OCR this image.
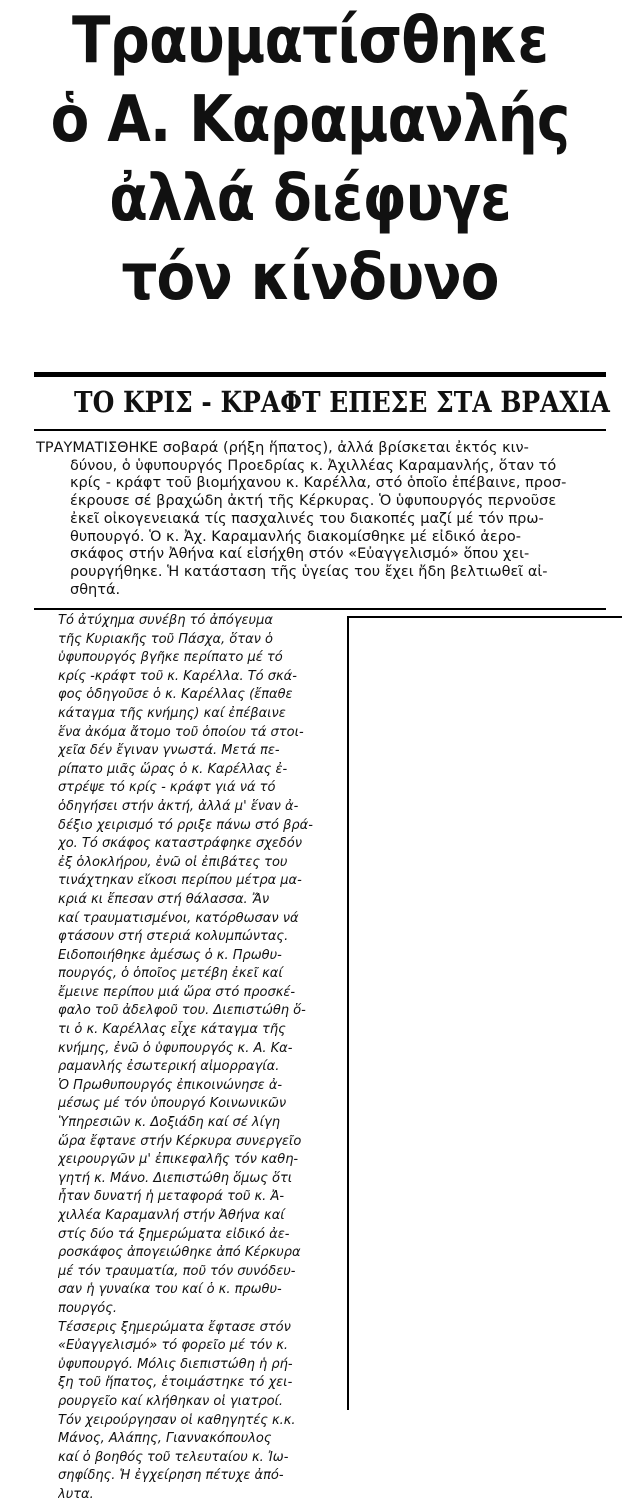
Τραυματίσθηκε
ὁ Α. Καραμανλής
ἀλλά διέφυγε
τόν κίνδυνο
ΤΟ ΚΡΙΣ - ΚΡΑΦΤ ΕΠΕΣΕ ΣΤΑ ΒΡΑΧΙΑ
ΤΡΑΥΜΑΤΙΣΘΗΚΕ σοβαρά (ρήξη ἥπατος), ἀλλά βρίσκεται ἐκτός κιν-
δύνου, ὁ ὑφυπουργός Προεδρίας κ. Ἀχιλλέας Καραμανλής, ὅταν τό
κρίς - κράφτ τοῦ βιομήχανου κ. Καρέλλα, στό ὁποῖο ἐπέβαινε, προσ-
έκρουσε σέ βραχώδη ἀκτή τῆς Κέρκυρας. Ὁ ὑφυπουργός περνοῦσε
ἐκεῖ οἰκογενειακά τίς πασχαλινές του διακοπές μαζί μέ τόν πρω-
θυπουργό. Ὁ κ. Ἀχ. Καραμανλής διακομίσθηκε μέ εἰδικό ἀερο-
σκάφος στήν Ἀθήνα καί εἰσήχθη στόν «Εὐαγγελισμό» ὅπου χει-
ρουργήθηκε. Ἡ κατάσταση τῆς ὑγείας του ἔχει ἤδη βελτιωθεῖ αἰ-
σθητά.
Τό ἀτύχημα συνέβη τό ἀπόγευμα
τῆς Κυριακῆς τοῦ Πάσχα, ὅταν ὁ
ὑφυπουργός βγῆκε περίπατο μέ τό
κρίς -κράφτ τοῦ κ. Καρέλλα. Τό σκά-
φος ὁδηγοῦσε ὁ κ. Καρέλλας (ἔπαθε
κάταγμα τῆς κνήμης) καί ἐπέβαινε
ἕνα ἀκόμα ἄτομο τοῦ ὁποίου τά στοι-
χεῖα δέν ἔγιναν γνωστά. Μετά πε-
ρίπατο μιᾶς ὥρας ὁ κ. Καρέλλας ἐ-
στρέψε τό κρίς - κράφτ γιά νά τό
ὁδηγήσει στήν ἀκτή, ἀλλά μ' ἕναν ἀ-
δέξιο χειρισμό τό ρριξε πάνω στό βρά-
χο. Τό σκάφος καταστράφηκε σχεδόν
ἐξ ὁλοκλήρου, ἐνῶ οἱ ἐπιβάτες του
τινάχτηκαν εἴκοσι περίπου μέτρα μα-
κριά κι ἔπεσαν στή θάλασσα. Ἄν
καί τραυματισμένοι, κατόρθωσαν νά
φτάσουν στή στεριά κολυμπώντας.
Ειδοποιήθηκε ἀμέσως ὁ κ. Πρωθυ-
πουργός, ὁ ὁποῖος μετέβη ἐκεῖ καί
ἔμεινε περίπου μιά ὥρα στό προσκέ-
φαλο τοῦ ἀδελφοῦ του. Διεπιστώθη ὅ-
τι ὁ κ. Καρέλλας εἶχε κάταγμα τῆς
κνήμης, ἐνῶ ὁ ὑφυπουργός κ. Α. Κα-
ραμανλής ἐσωτερική αἱμορραγία.
Ὁ Πρωθυπουργός ἐπικοινώνησε ἀ-
μέσως μέ τόν ὑπουργό Κοινωνικῶν
Ὑπηρεσιῶν κ. Δοξιάδη καί σέ λίγη
ὥρα ἔφτανε στήν Κέρκυρα συνεργεῖο
χειρουργῶν μ' ἐπικεφαλῆς τόν καθη-
γητή κ. Μάνο. Διεπιστώθη ὅμως ὅτι
ἦταν δυνατή ἡ μεταφορά τοῦ κ. Ἀ-
χιλλέα Καραμανλή στήν Ἀθήνα καί
στίς δύο τά ξημερώματα εἰδικό ἀε-
ροσκάφος ἀπογειώθηκε ἀπό Κέρκυρα
μέ τόν τραυματία, ποῦ τόν συνόδευ-
σαν ἡ γυναίκα του καί ὁ κ. πρωθυ-
πουργός.
Τέσσερις ξημερώματα ἔφτασε στόν
«Εὐαγγελισμό» τό φορεῖο μέ τόν κ.
ὑφυπουργό. Μόλις διεπιστώθη ἡ ρή-
ξη τοῦ ἥπατος, ἑτοιμάστηκε τό χει-
ρουργεῖο καί κλήθηκαν οἱ γιατροί.
Τόν χειρούργησαν οἱ καθηγητές κ.κ.
Μάνος, Αλάπης, Γιαννακόπουλος
καί ὁ βοηθός τοῦ τελευταίου κ. Ἰω-
σηφίδης. Ἡ ἐγχείρηση πέτυχε ἀπό-
λυτα.
